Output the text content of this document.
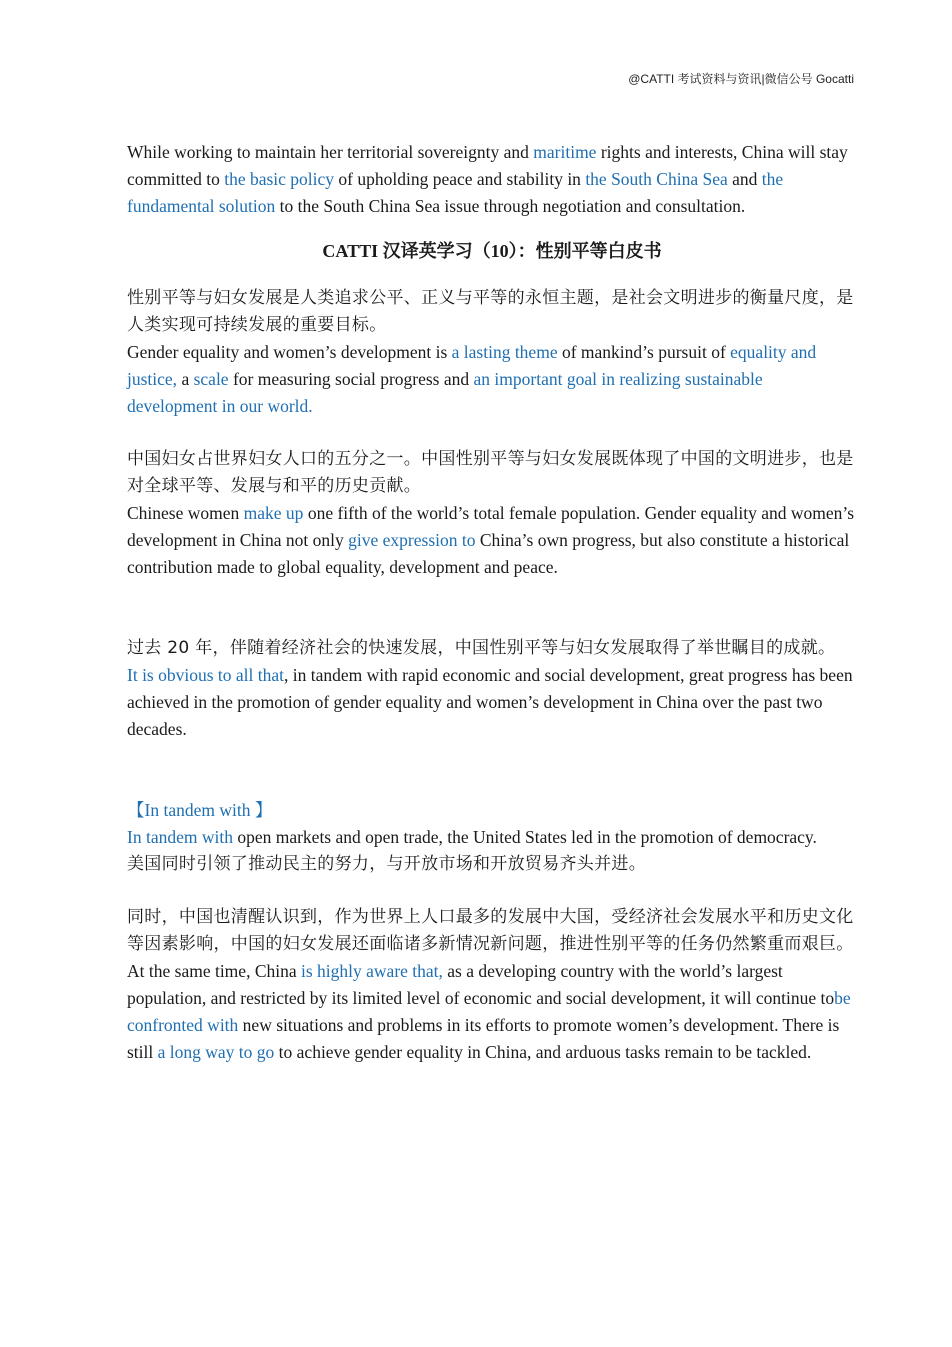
@CATTI 考试资料与资讯|微信公号 Gocatti

While working to maintain her territorial sovereignty and maritime rights and interests, China will stay committed to the basic policy of upholding peace and stability in the South China Sea and the fundamental solution to the South China Sea issue through negotiation and consultation.

CATTI 汉译英学习（10）：性别平等白皮书

性别平等与妇女发展是人类追求公平、正义与平等的永恒主题，是社会文明进步的衡量尺度，是人类实现可持续发展的重要目标。

Gender equality and women’s development is a lasting theme of mankind’s pursuit of equality and justice, a scale for measuring social progress and an important goal in realizing sustainable development in our world.

中国妇女占世界妇女人口的五分之一。中国性别平等与妇女发展既体现了中国的文明进步，也是对全球平等、发展与和平的历史贡献。

Chinese women make up one fifth of the world’s total female population. Gender equality and women’s development in China not only give expression to China’s own progress, but also constitute a historical contribution made to global equality, development and peace.

过去 20 年，伴随着经济社会的快速发展，中国性别平等与妇女发展取得了举世瞩目的成就。

It is obvious to all that, in tandem with rapid economic and social development, great progress has been achieved in the promotion of gender equality and women’s development in China over the past two decades.

【In tandem with 】

In tandem with open markets and open trade, the United States led in the promotion of democracy.

美国同时引领了推动民主的努力，与开放市场和开放贸易齐头并进。

同时，中国也清醒认识到，作为世界上人口最多的发展中大国，受经济社会发展水平和历史文化等因素影响，中国的妇女发展还面临诸多新情况新问题，推进性别平等的任务仍然繁重而艰巨。

At the same time, China is highly aware that, as a developing country with the world’s largest population, and restricted by its limited level of economic and social development, it will continue tobe confronted with new situations and problems in its efforts to promote women’s development. There is still a long way to go to achieve gender equality in China, and arduous tasks remain to be tackled.
